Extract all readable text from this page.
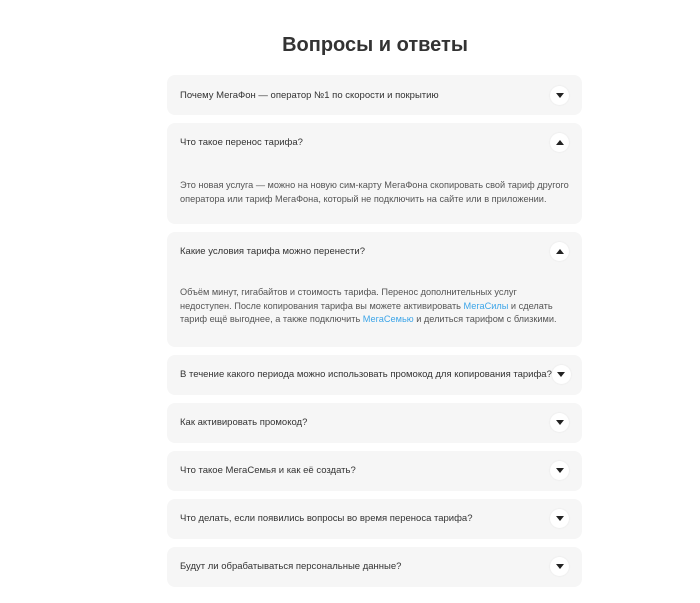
Вопросы и ответы
Почему МегаФон — оператор №1 по скорости и покрытию
Что такое перенос тарифа?

Это новая услуга — можно на новую сим-карту МегаФона скопировать свой тариф другого оператора или тариф МегаФона, который не подключить на сайте или в приложении.

Какие условия тарифа можно перенести?

Объём минут, гигабайтов и стоимость тарифа. Перенос дополнительных услуг недоступен. После копирования тарифа вы можете активировать МегаСилы и сделать тариф ещё выгоднее, а также подключить МегаСемью и делиться тарифом с близкими.

В течение какого периода можно использовать промокод для копирования тарифа?
Как активировать промокод?
Что такое МегаСемья и как её создать?
Что делать, если появились вопросы во время переноса тарифа?
Будут ли обрабатываться персональные данные?
